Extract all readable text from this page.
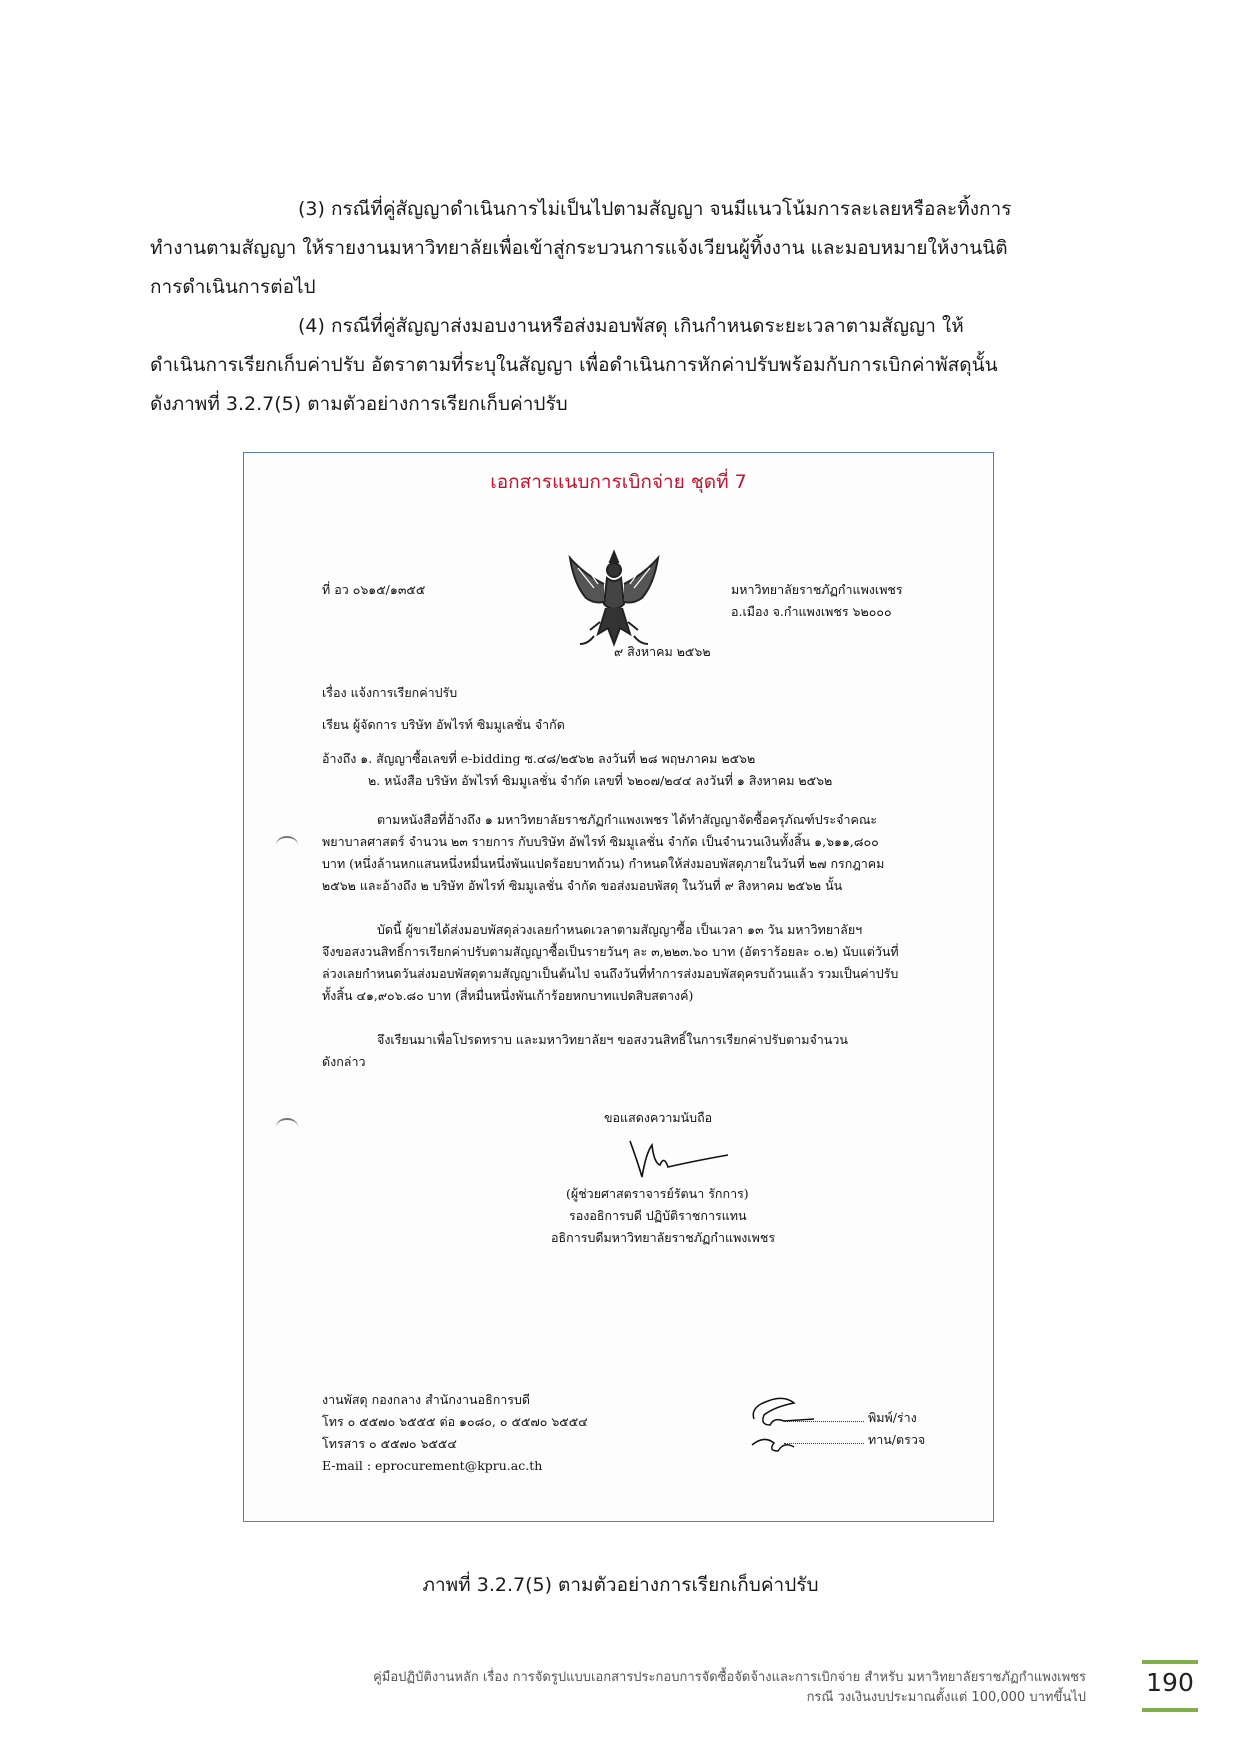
(3) กรณีที่คู่สัญญาดำเนินการไม่เป็นไปตามสัญญา จนมีแนวโน้มการละเลยหรือละทิ้งการ

ทำงานตามสัญญา ให้รายงานมหาวิทยาลัยเพื่อเข้าสู่กระบวนการแจ้งเวียนผู้ทิ้งงาน และมอบหมายให้งานนิติ

การดำเนินการต่อไป

(4) กรณีที่คู่สัญญาส่งมอบงานหรือส่งมอบพัสดุ เกินกำหนดระยะเวลาตามสัญญา ให้

ดำเนินการเรียกเก็บค่าปรับ อัตราตามที่ระบุในสัญญา เพื่อดำเนินการหักค่าปรับพร้อมกับการเบิกค่าพัสดุนั้น

ดังภาพที่ 3.2.7(5) ตามตัวอย่างการเรียกเก็บค่าปรับ

เอกสารแนบการเบิกจ่าย ชุดที่ 7
ที่ อว ๐๖๑๕/๑๓๕๕	มหาวิทยาลัยราชภัฏกำแพงเพชร
อ.เมือง จ.กำแพงเพชร ๖๒๐๐๐
๙ สิงหาคม ๒๕๖๒
เรื่อง แจ้งการเรียกค่าปรับ
เรียน ผู้จัดการ บริษัท อัพไรท์ ซิมมูเลชั่น จำกัด
อ้างถึง ๑. สัญญาซื้อเลขที่ e-bidding ซ.๔๘/๒๕๖๒ ลงวันที่ ๒๘ พฤษภาคม ๒๕๖๒
๒. หนังสือ บริษัท อัพไรท์ ซิมมูเลชั่น จำกัด เลขที่ ๖๒๐๗/๒๔๔ ลงวันที่ ๑ สิงหาคม ๒๕๖๒
ตามหนังสือที่อ้างถึง ๑ มหาวิทยาลัยราชภัฏกำแพงเพชร ได้ทำสัญญาจัดซื้อครุภัณฑ์ประจำคณะ
พยาบาลศาสตร์ จำนวน ๒๓ รายการ กับบริษัท อัพไรท์ ซิมมูเลชั่น จำกัด เป็นจำนวนเงินทั้งสิ้น ๑,๖๑๑,๘๐๐
บาท (หนึ่งล้านหกแสนหนึ่งหมื่นหนึ่งพันแปดร้อยบาทถ้วน) กำหนดให้ส่งมอบพัสดุภายในวันที่ ๒๗ กรกฎาคม
๒๕๖๒ และอ้างถึง ๒ บริษัท อัพไรท์ ซิมมูเลชั่น จำกัด ขอส่งมอบพัสดุ ในวันที่ ๙ สิงหาคม ๒๕๖๒ นั้น
บัดนี้ ผู้ขายได้ส่งมอบพัสดุล่วงเลยกำหนดเวลาตามสัญญาซื้อ เป็นเวลา ๑๓ วัน มหาวิทยาลัยฯ
จึงขอสงวนสิทธิ์การเรียกค่าปรับตามสัญญาซื้อเป็นรายวันๆ ละ ๓,๒๒๓.๖๐ บาท (อัตราร้อยละ ๐.๒) นับแต่วันที่
ล่วงเลยกำหนดวันส่งมอบพัสดุตามสัญญาเป็นต้นไป จนถึงวันที่ทำการส่งมอบพัสดุครบถ้วนแล้ว รวมเป็นค่าปรับ
ทั้งสิ้น ๔๑,๙๐๖.๘๐ บาท (สี่หมื่นหนึ่งพันเก้าร้อยหกบาทแปดสิบสตางค์)
จึงเรียนมาเพื่อโปรดทราบ และมหาวิทยาลัยฯ ขอสงวนสิทธิ์ในการเรียกค่าปรับตามจำนวน
ดังกล่าว
ขอแสดงความนับถือ
(ผู้ช่วยศาสตราจารย์รัตนา รักการ)
รองอธิการบดี ปฏิบัติราชการแทน
อธิการบดีมหาวิทยาลัยราชภัฏกำแพงเพชร
งานพัสดุ กองกลาง สำนักงานอธิการบดี
โทร ๐ ๕๕๗๐ ๖๕๕๕ ต่อ ๑๐๘๐, ๐ ๕๕๗๐ ๖๕๕๔
โทรสาร ๐ ๕๕๗๐ ๖๕๕๔
E-mail : eprocurement@kpru.ac.th
พิมพ์/ร่าง
ทาน/ตรวจ
ภาพที่ 3.2.7(5) ตามตัวอย่างการเรียกเก็บค่าปรับ
คู่มือปฏิบัติงานหลัก เรื่อง การจัดรูปแบบเอกสารประกอบการจัดซื้อจัดจ้างและการเบิกจ่าย สำหรับ มหาวิทยาลัยราชภัฏกำแพงเพชร
กรณี วงเงินงบประมาณตั้งแต่ 100,000 บาทขึ้นไป
190
